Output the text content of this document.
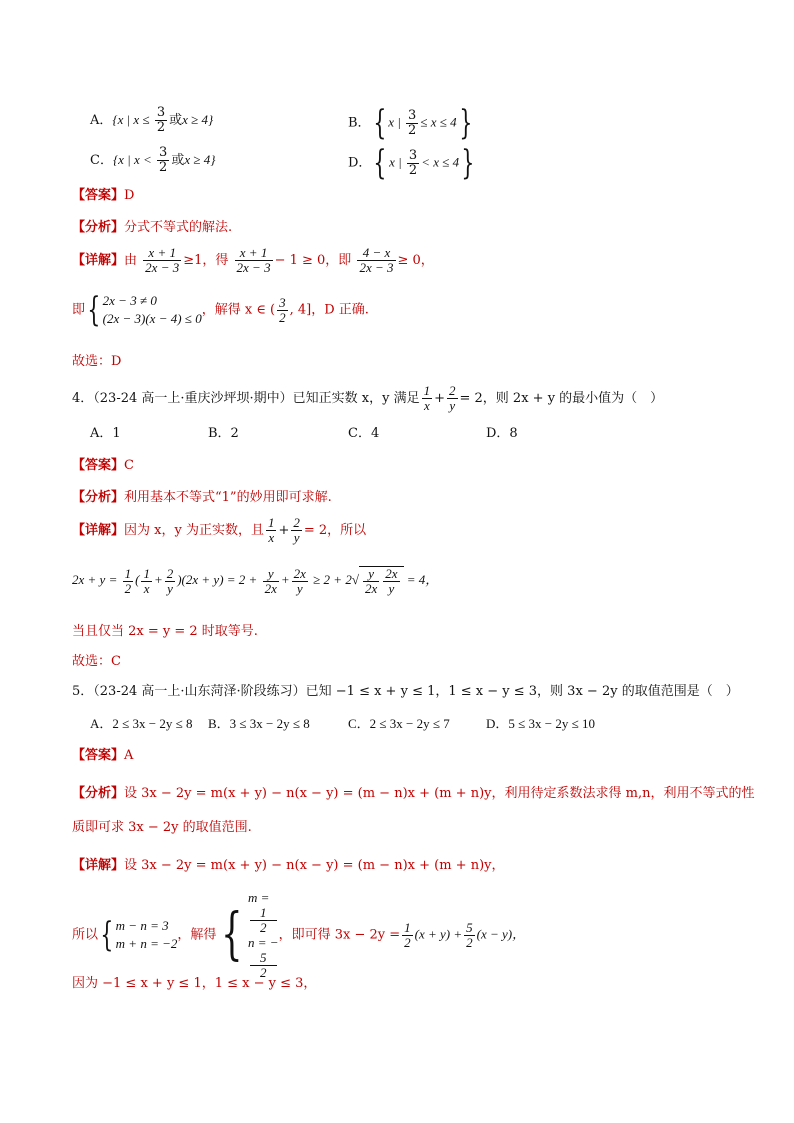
A．{x | $x \le \frac{3}{2}$ 或x ≥ 4}	B．{ x | $\frac{3}{2} \le x \le 4$}
C．{x | $x < \frac{3}{2}$ 或x ≥ 4}	D．{ x | $\frac{3}{2} < x \le 4$}
【答案】D
【分析】分式不等式的解法.
【详解】由 $\frac{x + 1}{2x - 3} \ge 1$，得 $\frac{x + 1}{2x - 3} - 1 \ge 0$，即 $\frac{4 - x}{2x - 3} \ge 0$，
即{ 2x − 3 ≠ 0
(2x − 3)(x − 4) ≤ 0
，解得 x ∈ ( $\frac{3}{2}$ , 4]，D 正确.
故选：D
4．（23-24 高一上·重庆沙坪坝·期中）已知正实数 x，y 满足 $\frac{1}{x} + \frac{2}{y} = 2$，则 2x + y 的最小值为（　）
A．1	B．2	C．4	D．8
【答案】C
【分析】利用基本不等式“1”的妙用即可求解.
【详解】因为 x，y 为正实数，且 $\frac{1}{x} + \frac{2}{y} = 2$，所以
$2x + y = \frac{1}{2}$ ( $\frac{1}{x} + \frac{2}{y} )(2x + y) = 2 + \frac{y}{2x} + \frac{2x}{y} \ge 2 + 2√ \frac{y}{2x} \frac{2x}{y} = 4$，
当且仅当 2x = y = 2 时取等号.
故选：C
5．（23-24 高一上·山东菏泽·阶段练习）已知 −1 ≤ x + y ≤ 1，1 ≤ x − y ≤ 3，则 3x − 2y 的取值范围是（　）
A．2 ≤ 3x − 2y ≤ 8 B．3 ≤ 3x − 2y ≤ 8	C．2 ≤ 3x − 2y ≤ 7	D．5 ≤ 3x − 2y ≤ 10
【答案】A
【分析】设 3x − 2y = m(x + y) − n(x − y) = (m − n)x + (m + n)y，利用待定系数法求得 m,n，利用不等式的性
质即可求 3x − 2y 的取值范围.
【详解】设 3x − 2y = m(x + y) − n(x − y) = (m − n)x + (m + n)y，
所以{ m − n = 3
m + n = −2
，解得{
m =
1
2
n = −
5
2
，即可得 $3x - 2y = \frac{1}{2} (x + y) + \frac{5}{2} (x - y)$，
因为 −1 ≤ x + y ≤ 1，1 ≤ x − y ≤ 3，
